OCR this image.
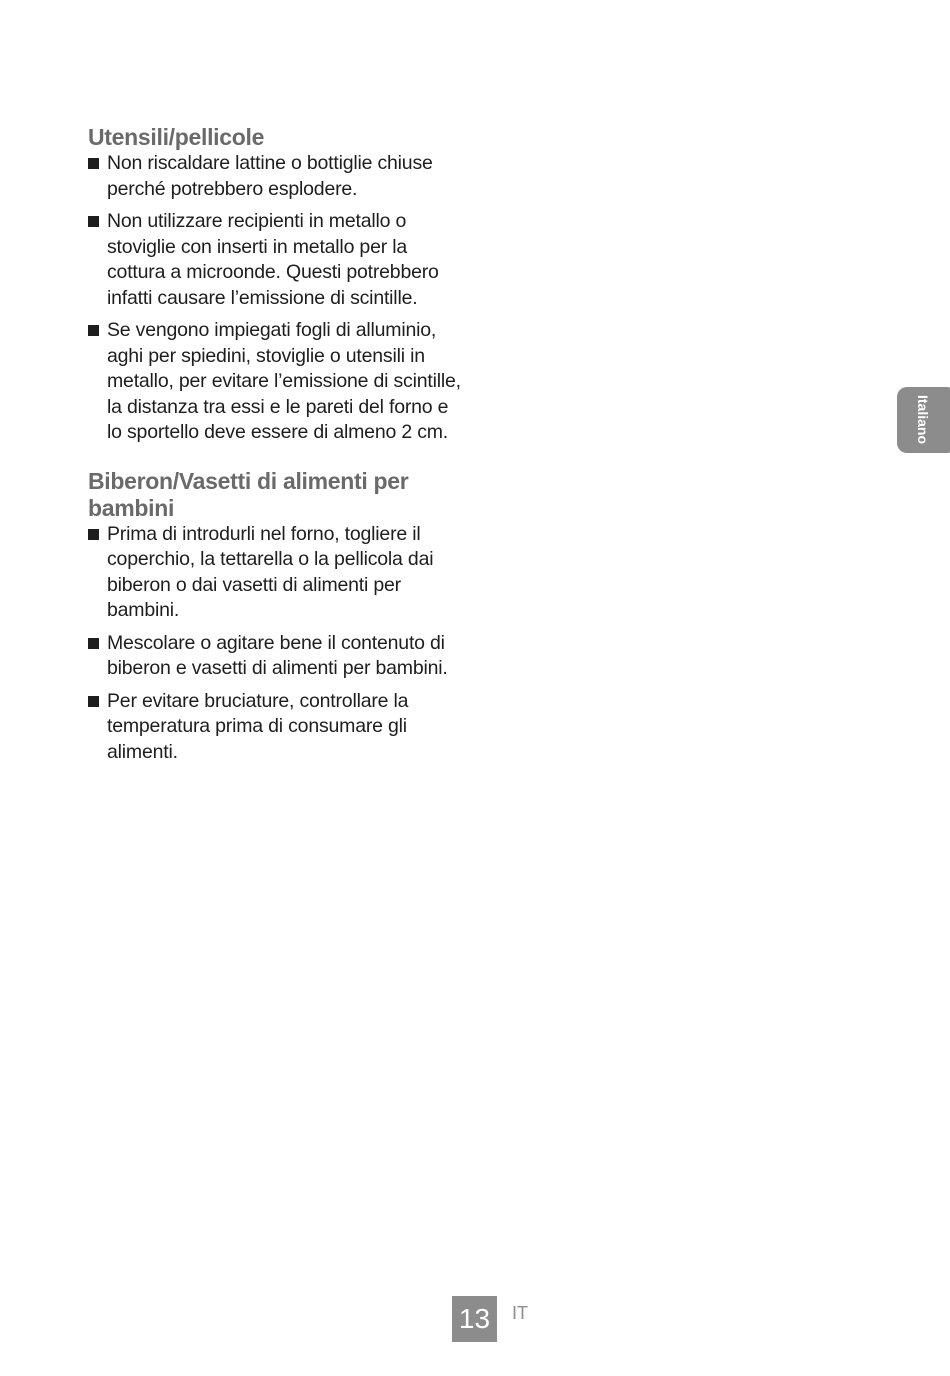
Utensili/pellicole
Non riscaldare lattine o bottiglie chiuse perché potrebbero esplodere.
Non utilizzare recipienti in metallo o stoviglie con inserti in metallo per la cottura a microonde. Questi potrebbero infatti causare l’emissione di scintille.
Se vengono impiegati fogli di alluminio, aghi per spiedini, stoviglie o utensili in metallo, per evitare l’emissione di scintille, la distanza tra essi e le pareti del forno e lo sportello deve essere di almeno 2 cm.
Biberon/Vasetti di alimenti per bambini
Prima di introdurli nel forno, togliere il coperchio, la tettarella o la pellicola dai biberon o dai vasetti di alimenti per bambini.
Mescolare o agitare bene il contenuto di biberon e vasetti di alimenti per bambini.
Per evitare bruciature, controllare la temperatura prima di consumare gli alimenti.
Italiano
13	IT
